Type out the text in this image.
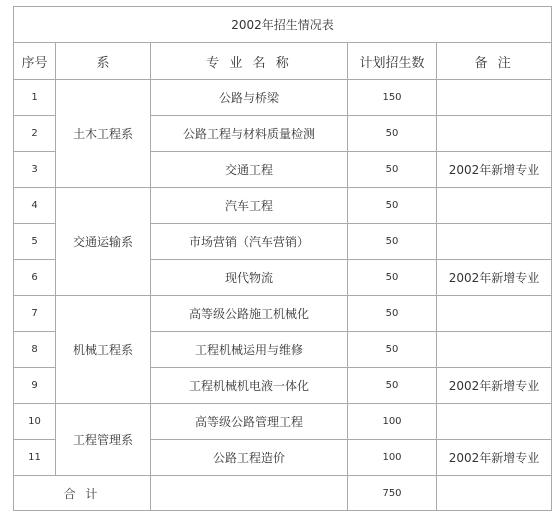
2002年招生情况表				
序号	系	专 业 名 称	计划招生数	备 注
1	土木工程系	公路与桥梁	150	
2		公路工程与材料质量检测	50	
3		交通工程	50	2002年新增专业
4	交通运输系	汽车工程	50	
5		市场营销（汽车营销）	50	
6		现代物流	50	2002年新增专业
7	机械工程系	高等级公路施工机械化	50	
8		工程机械运用与维修	50	
9		工程机械机电液一体化	50	2002年新增专业
10	工程管理系	高等级公路管理工程	100	
11		公路工程造价	100	2002年新增专业
合 计			750	
